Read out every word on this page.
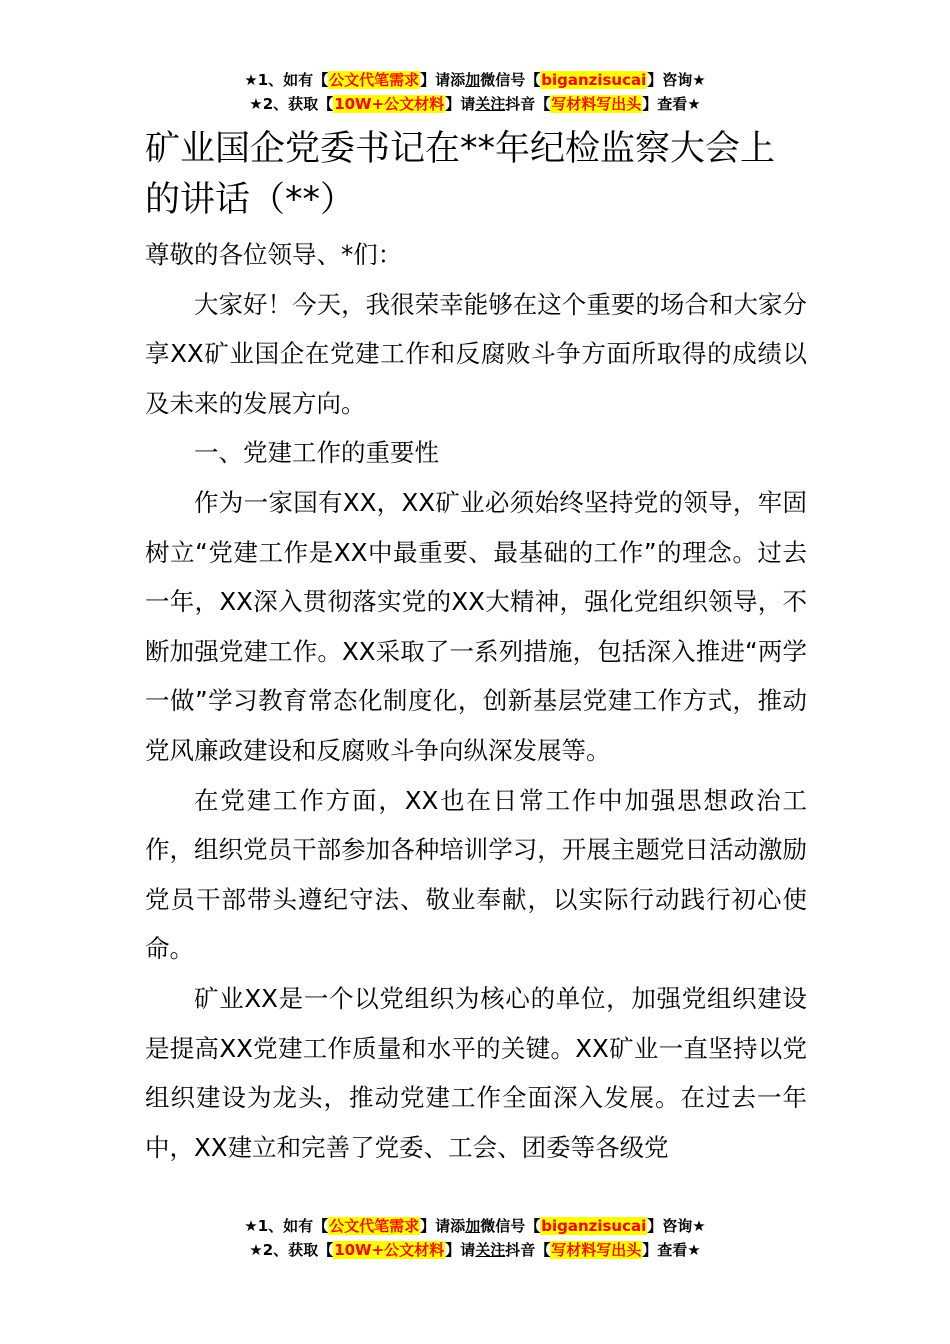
★1、如有【公文代笔需求】请添加微信号【biganzisucai】咨询★
★2、获取【10W+公文材料】请关注抖音【写材料写出头】查看★
矿业国企党委书记在**年纪检监察大会上的讲话（**）

尊敬的各位领导、*们：

大家好！今天，我很荣幸能够在这个重要的场合和大家分享XX矿业国企在党建工作和反腐败斗争方面所取得的成绩以及未来的发展方向。

一、党建工作的重要性

作为一家国有XX，XX矿业必须始终坚持党的领导，牢固树立“党建工作是XX中最重要、最基础的工作”的理念。过去一年，XX深入贯彻落实党的XX大精神，强化党组织领导，不断加强党建工作。XX采取了一系列措施，包括深入推进“两学一做”学习教育常态化制度化，创新基层党建工作方式，推动党风廉政建设和反腐败斗争向纵深发展等。

在党建工作方面，XX也在日常工作中加强思想政治工作，组织党员干部参加各种培训学习，开展主题党日活动激励党员干部带头遵纪守法、敬业奉献，以实际行动践行初心使命。

矿业XX是一个以党组织为核心的单位，加强党组织建设是提高XX党建工作质量和水平的关键。XX矿业一直坚持以党组织建设为龙头，推动党建工作全面深入发展。在过去一年中，XX建立和完善了党委、工会、团委等各级党

★1、如有【公文代笔需求】请添加微信号【biganzisucai】咨询★
★2、获取【10W+公文材料】请关注抖音【写材料写出头】查看★
